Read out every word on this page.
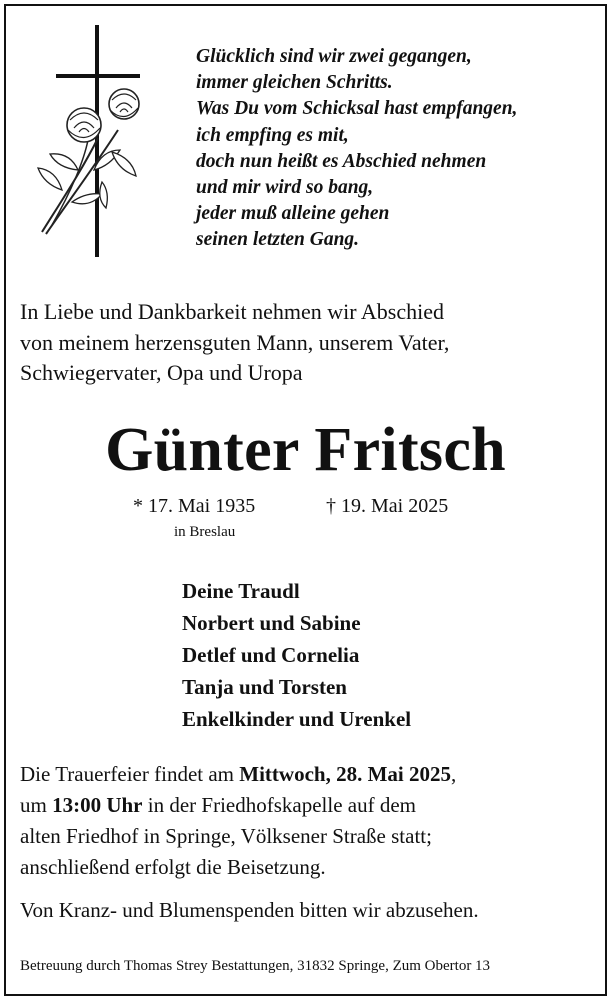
Glücklich sind wir zwei gegangen,
immer gleichen Schritts.
Was Du vom Schicksal hast empfangen,
ich empfing es mit,
doch nun heißt es Abschied nehmen
und mir wird so bang,
jeder muß alleine gehen
seinen letzten Gang.
In Liebe und Dankbarkeit nehmen wir Abschied
von meinem herzensguten Mann, unserem Vater,
Schwiegervater, Opa und Uropa
Günter Fritsch
* 17. Mai 1935	† 19. Mai 2025
in Breslau
Deine Traudl
Norbert und Sabine
Detlef und Cornelia
Tanja und Torsten
Enkelkinder und Urenkel
Die Trauerfeier findet am Mittwoch, 28. Mai 2025,
um 13:00 Uhr in der Friedhofskapelle auf dem
alten Friedhof in Springe, Völksener Straße statt;
anschließend erfolgt die Beisetzung.
Von Kranz- und Blumenspenden bitten wir abzusehen.
Betreuung durch Thomas Strey Bestattungen, 31832 Springe, Zum Obertor 13
